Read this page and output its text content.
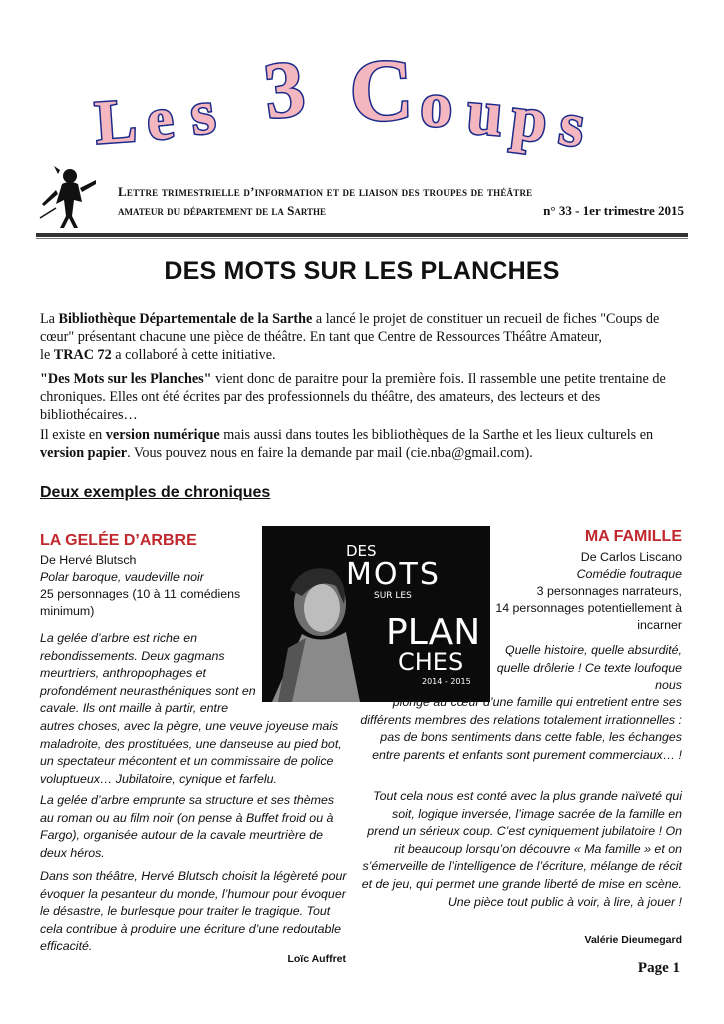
L e s 3 C o u p s
Lettre trimestrielle d’information et de liaison des troupes de théâtre
amateur du département de la Sarthe	n° 33 - 1er trimestre 2015
DES MOTS SUR LES PLANCHES
La Bibliothèque Départementale de la Sarthe a lancé le projet de constituer un recueil de fiches "Coups de cœur" présentant chacune une pièce de théâtre. En tant que Centre de Ressources Théâtre Amateur,
le TRAC 72 a collaboré à cette initiative.
"Des Mots sur les Planches" vient donc de paraitre pour la première fois. Il rassemble une petite trentaine de chroniques. Elles ont été écrites par des professionnels du théâtre, des amateurs, des lecteurs et des bibliothécaires…
Il existe en version numérique mais aussi dans toutes les bibliothèques de la Sarthe et les lieux culturels en
version papier. Vous pouvez nous en faire la demande par mail (cie.nba@gmail.com).
Deux exemples de chroniques
LA GELÉE D’ARBRE
De Hervé Blutsch
Polar baroque, vaudeville noir
25 personnages (10 à 11 comédiens minimum)
La gelée d’arbre est riche en rebondissements. Deux gagmans meurtriers, anthropophages et profondément neurasthéniques sont en cavale. Ils ont maille à partir, entre
autres choses, avec la pègre, une veuve joyeuse mais maladroite, des prostituées, une danseuse au pied bot, un spectateur mécontent et un commissaire de police voluptueux… Jubilatoire, cynique et farfelu.
La gelée d’arbre emprunte sa structure et ses thèmes au roman ou au film noir (on pense à Buffet froid ou à Fargo), organisée autour de la cavale meurtrière de deux héros.
Dans son théâtre, Hervé Blutsch choisit la légèreté pour évoquer la pesanteur du monde, l’humour pour évoquer le désastre, le burlesque pour traiter le tragique. Tout cela contribue à produire une écriture d’une redoutable efficacité.
Loïc Auffret
DES
MOTS
SUR LES
PLAN
CHES
2014 - 2015
MA FAMILLE
De Carlos Liscano
Comédie foutraque
3 personnages narrateurs,
14 personnages potentiellement à incarner
Quelle histoire, quelle absurdité, quelle drôlerie ! Ce texte loufoque nous
plonge au cœur d’une famille qui entretient entre ses différents membres des relations totalement irrationnelles : pas de bons sentiments dans cette fable, les échanges entre parents et enfants sont purement commerciaux… !
Tout cela nous est conté avec la plus grande naïveté qui soit, logique inversée, l’image sacrée de la famille en prend un sérieux coup. C’est cyniquement jubilatoire ! On rit beaucoup lorsqu’on découvre « Ma famille » et on s’émerveille de l’intelligence de l’écriture, mélange de récit et de jeu, qui permet une grande liberté de mise en scène. Une pièce tout public à voir, à lire, à jouer !
Valérie Dieumegard
Page 1
